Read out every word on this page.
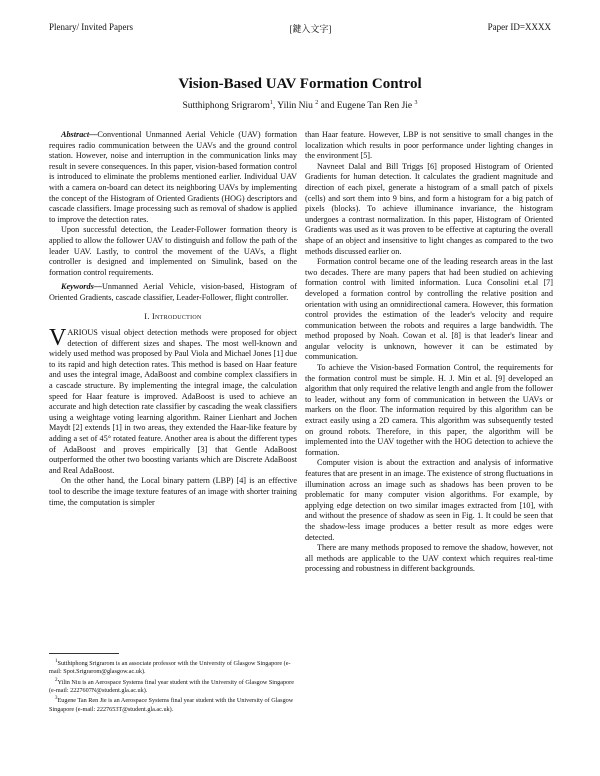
Plenary/ Invited Papers	[鍵入文字]	Paper ID=XXXX
Vision-Based UAV Formation Control
Sutthiphong Srigrarom$^1$, Yilin Niu $^2$ and Eugene Tan Ren Jie $^3$

Abstract—Conventional Unmanned Aerial Vehicle (UAV) formation requires radio communication between the UAVs and the ground control station. However, noise and interruption in the communication links may result in severe consequences. In this paper, vision-based formation control is introduced to eliminate the problems mentioned earlier. Individual UAV with a camera on-board can detect its neighboring UAVs by implementing the concept of the Histogram of Oriented Gradients (HOG) descriptors and cascade classifiers. Image processing such as removal of shadow is applied to improve the detection rates.

Upon successful detection, the Leader-Follower formation theory is applied to allow the follower UAV to distinguish and follow the path of the leader UAV. Lastly, to control the movement of the UAVs, a flight controller is designed and implemented on Simulink, based on the formation control requirements.

Keywords—Unmanned Aerial Vehicle, vision-based, Histogram of Oriented Gradients, cascade classifier, Leader-Follower, flight controller.

I. Introduction

VARIOUS visual object detection methods were proposed for object detection of different sizes and shapes. The most well-known and widely used method was proposed by Paul Viola and Michael Jones [1] due to its rapid and high detection rates. This method is based on Haar feature and uses the integral image, AdaBoost and combine complex classifiers in a cascade structure. By implementing the integral image, the calculation speed for Haar feature is improved. AdaBoost is used to achieve an accurate and high detection rate classifier by cascading the weak classifiers using a weightage voting learning algorithm. Rainer Lienhart and Jochen Maydt [2] extends [1] in two areas, they extended the Haar-like feature by adding a set of 45° rotated feature. Another area is about the different types of AdaBoost and proves empirically [3] that Gentle AdaBoost outperformed the other two boosting variants which are Discrete AdaBoost and Real AdaBoost.

On the other hand, the Local binary pattern (LBP) [4] is an effective tool to describe the image texture features of an image with shorter training time, the computation is simpler

$^1$Sutthiphong Srigrarom is an associate professor with the University of Glasgow Singapore (e-mail: Spot.Srigrarom@glasgow.ac.uk).

$^2$Yilin Niu is an Aerospace Systems final year student with the University of Glasgow Singapore (e-mail: 2227607N@student.gla.ac.uk).

$^3$Eugene Tan Ren Jie is an Aerospace Systems final year student with the University of Glasgow Singapore (e-mail: 2227653T@student.gla.ac.uk).

than Haar feature. However, LBP is not sensitive to small changes in the localization which results in poor performance under lighting changes in the environment [5].

Navneet Dalal and Bill Triggs [6] proposed Histogram of Oriented Gradients for human detection. It calculates the gradient magnitude and direction of each pixel, generate a histogram of a small patch of pixels (cells) and sort them into 9 bins, and form a histogram for a big patch of pixels (blocks). To achieve illuminance invariance, the histogram undergoes a contrast normalization. In this paper, Histogram of Oriented Gradients was used as it was proven to be effective at capturing the overall shape of an object and insensitive to light changes as compared to the two methods discussed earlier on.

Formation control became one of the leading research areas in the last two decades. There are many papers that had been studied on achieving formation control with limited information. Luca Consolini et.al [7] developed a formation control by controlling the relative position and orientation with using an omnidirectional camera. However, this formation control provides the estimation of the leader's velocity and require communication between the robots and requires a large bandwidth. The method proposed by Noah. Cowan et al. [8] is that leader's linear and angular velocity is unknown, however it can be estimated by communication.

To achieve the Vision-based Formation Control, the requirements for the formation control must be simple. H. J. Min et al. [9] developed an algorithm that only required the relative length and angle from the follower to leader, without any form of communication in between the UAVs or markers on the floor. The information required by this algorithm can be extract easily using a 2D camera. This algorithm was subsequently tested on ground robots. Therefore, in this paper, the algorithm will be implemented into the UAV together with the HOG detection to achieve the formation.

Computer vision is about the extraction and analysis of informative features that are present in an image. The existence of strong fluctuations in illumination across an image such as shadows has been proven to be problematic for many computer vision algorithms. For example, by applying edge detection on two similar images extracted from [10], with and without the presence of shadow as seen in Fig. 1. It could be seen that the shadow-less image produces a better result as more edges were detected.

There are many methods proposed to remove the shadow, however, not all methods are applicable to the UAV context which requires real-time processing and robustness in different backgrounds.
